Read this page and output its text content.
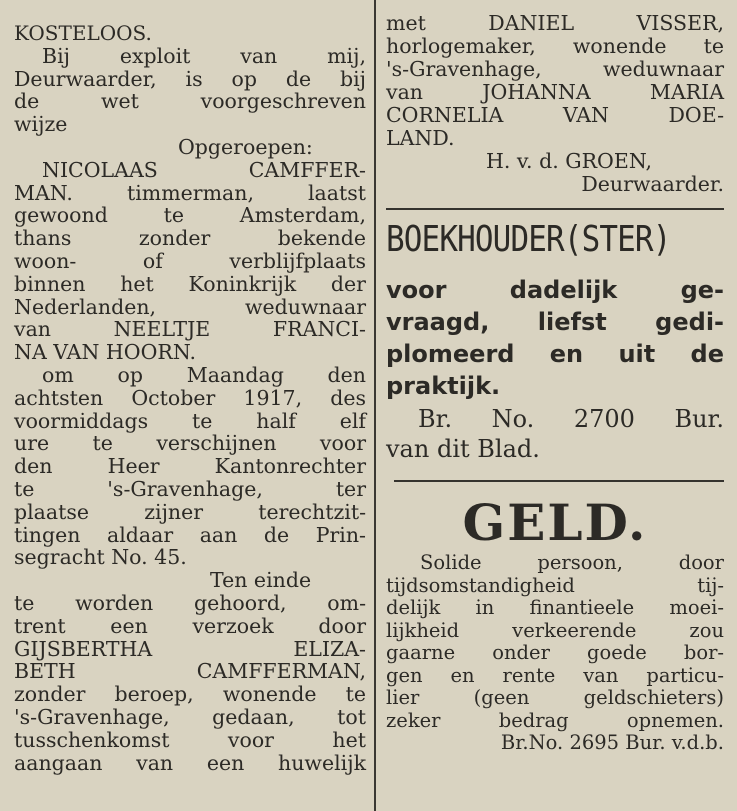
KOSTELOOS.
Bij exploit van mij,
Deurwaarder, is op de bij
de wet voorgeschreven
wijze
Opgeroepen:
NICOLAAS CAMFFER-
MAN. timmerman, laatst
gewoond te Amsterdam,
thans zonder bekende
woon- of verblijfplaats
binnen het Koninkrijk der
Nederlanden, weduwnaar
van NEELTJE FRANCI-
NA VAN HOORN.
om op Maandag den
achtsten October 1917, des
voormiddags te half elf
ure te verschijnen voor
den Heer Kantonrechter
te 's-Gravenhage, ter
plaatse zijner terechtzit-
tingen aldaar aan de Prin-
segracht No. 45.
Ten einde
te worden gehoord, om-
trent een verzoek door
GIJSBERTHA ELIZA-
BETH CAMFFERMAN,
zonder beroep, wonende te
's-Gravenhage, gedaan, tot
tusschenkomst voor het
aangaan van een huwelijk
met DANIEL VISSER,
horlogemaker, wonende te
's-Gravenhage, weduwnaar
van JOHANNA MARIA
CORNELIA VAN DOE-
LAND.
H. v. d. GROEN,
Deurwaarder.
BOEKHOUDER(STER)
voor dadelijk ge-
vraagd, liefst gedi-
plomeerd en uit de
praktijk.
Br. No. 2700 Bur.
van dit Blad.
GELD.
Solide persoon, door
tijdsomstandigheid tij-
delijk in finantieele moei-
lijkheid verkeerende zou
gaarne onder goede bor-
gen en rente van particu-
lier (geen geldschieters)
zeker bedrag opnemen.
Br.No. 2695 Bur. v.d.b.
